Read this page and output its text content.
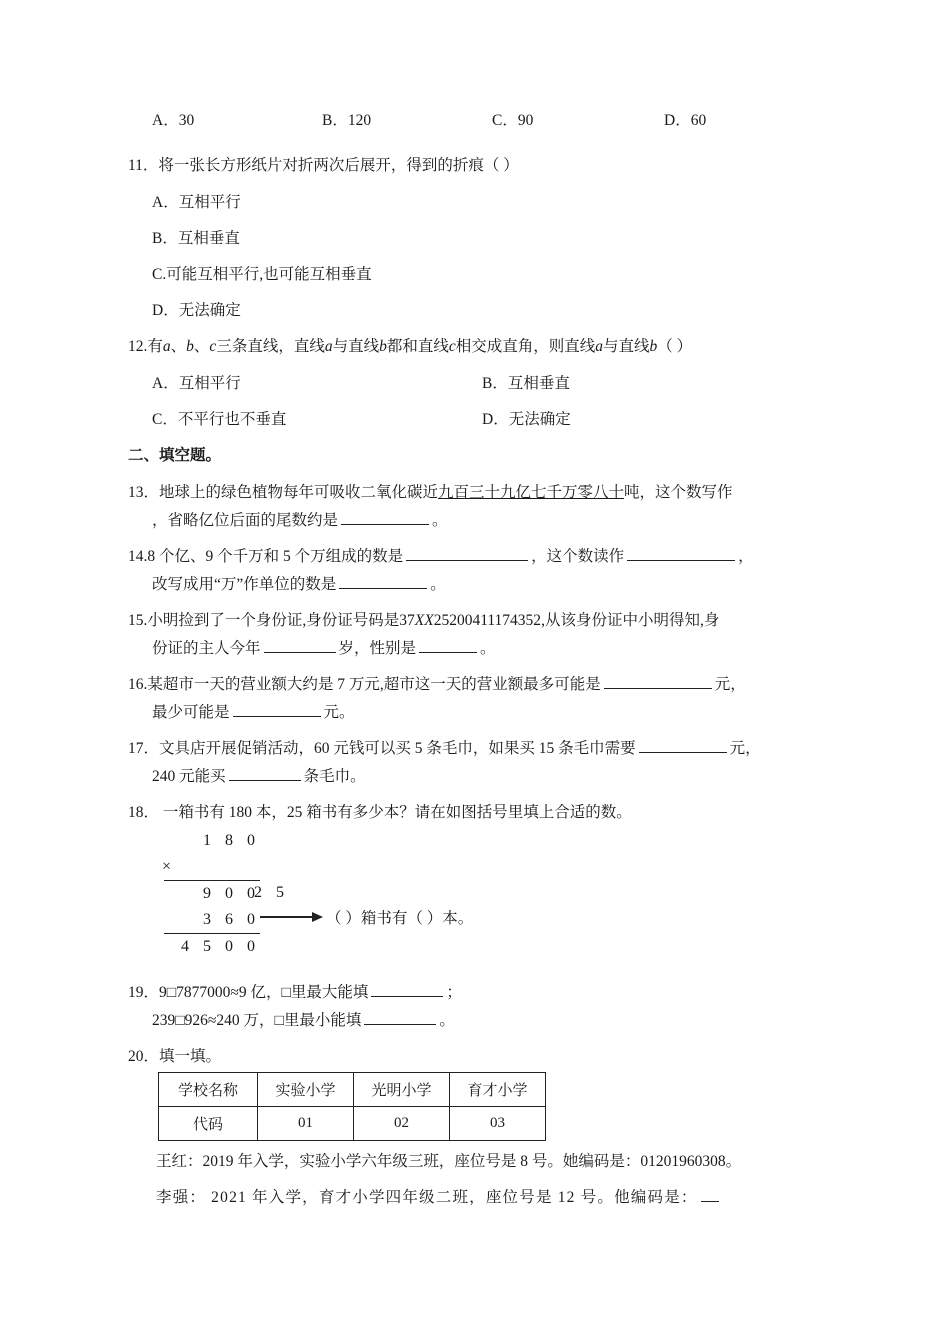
A．30	B．120	C．90	D．60
11．将一张长方形纸片对折两次后展开，得到的折痕（ ）
A．互相平行
B．互相垂直
C.可能互相平行,也可能互相垂直
D．无法确定
12.有a、b、c三条直线，直线a与直线b都和直线c相交成直角，则直线a与直线b（ ）
A．互相平行	B．互相垂直
C．不平行也不垂直	D．无法确定
二、填空题。
13．地球上的绿色植物每年可吸收二氧化碳近九百三十九亿七千万零八十吨，这个数写作
，省略亿位后面的尾数约是	。
14.8 个亿、9 个千万和 5 个万组成的数是	，这个数读作	，
改写成用“万”作单位的数是	。
15.小明捡到了一个身份证,身份证号码是37XX25200411174352,从该身份证中小明得知,身
份证的主人今年	岁，性别是	。
16.某超市一天的营业额大约是 7 万元,超市这一天的营业额最多可能是	元，
最少可能是	元。
17．文具店开展促销活动，60 元钱可以买 5 条毛巾，如果买 15 条毛巾需要	元，
240 元能买	条毛巾。
18． 一箱书有 180 本，25 箱书有多少本？请在如图括号里填上合适的数。
1 8 0

×
2 5

9 0 0
3 6 0
4 5 0 0
（ ）箱书有（ ）本。
19．9□7877000≈9 亿，□里最大能填	；
239□926≈240 万，□里最小能填	。
20．填一填。
学校名称	实验小学	光明小学	育才小学
代码	01	02	03
王红：2019 年入学，实验小学六年级三班，座位号是 8 号。她编码是：01201960308。
李强： 2021 年入学，育才小学四年级二班，座位号是 12 号。他编码是：
